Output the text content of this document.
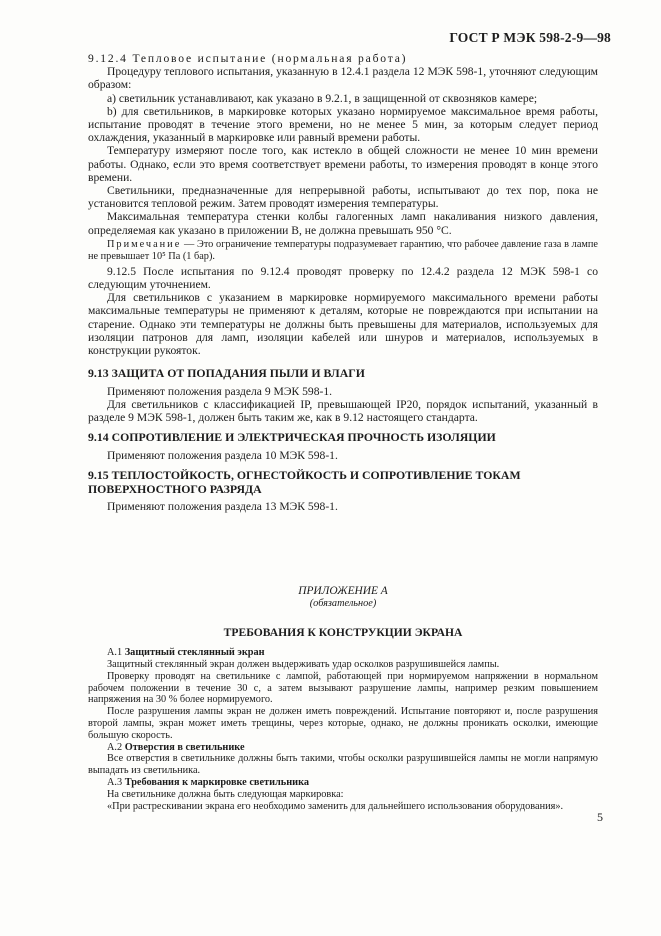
ГОСТ Р МЭК 598-2-9—98

9.12.4 Тепловое испытание (нормальная работа)

Процедуру теплового испытания, указанную в 12.4.1 раздела 12 МЭК 598-1, уточняют следующим образом:

а) светильник устанавливают, как указано в 9.2.1, в защищенной от сквозняков камере;

b) для светильников, в маркировке которых указано нормируемое максимальное время работы, испытание проводят в течение этого времени, но не менее 5 мин, за которым следует период охлаждения, указанный в маркировке или равный времени работы.

Температуру измеряют после того, как истекло в общей сложности не менее 10 мин времени работы. Однако, если это время соответствует времени работы, то измерения проводят в конце этого времени.

Светильники, предназначенные для непрерывной работы, испытывают до тех пор, пока не установится тепловой режим. Затем проводят измерения температуры.

Максимальная температура стенки колбы галогенных ламп накаливания низкого давления, определяемая как указано в приложении В, не должна превышать 950 °С.

Примечание — Это ограничение температуры подразумевает гарантию, что рабочее давление газа в лампе не превышает 10⁵ Па (1 бар).

9.12.5 После испытания по 9.12.4 проводят проверку по 12.4.2 раздела 12 МЭК 598-1 со следующим уточнением.

Для светильников с указанием в маркировке нормируемого максимального времени работы максимальные температуры не применяют к деталям, которые не повреждаются при испытании на старение. Однако эти температуры не должны быть превышены для материалов, используемых для изоляции патронов для ламп, изоляции кабелей или шнуров и материалов, используемых в конструкции рукояток.

9.13 ЗАЩИТА ОТ ПОПАДАНИЯ ПЫЛИ И ВЛАГИ

Применяют положения раздела 9 МЭК 598-1.

Для светильников с классификацией IP, превышающей IP20, порядок испытаний, указанный в разделе 9 МЭК 598-1, должен быть таким же, как в 9.12 настоящего стандарта.

9.14 СОПРОТИВЛЕНИЕ И ЭЛЕКТРИЧЕСКАЯ ПРОЧНОСТЬ ИЗОЛЯЦИИ

Применяют положения раздела 10 МЭК 598-1.

9.15 ТЕПЛОСТОЙКОСТЬ, ОГНЕСТОЙКОСТЬ И СОПРОТИВЛЕНИЕ ТОКАМ
ПОВЕРХНОСТНОГО РАЗРЯДА

Применяют положения раздела 13 МЭК 598-1.

ПРИЛОЖЕНИЕ А

(обязательное)

ТРЕБОВАНИЯ К КОНСТРУКЦИИ ЭКРАНА

А.1 Защитный стеклянный экран

Защитный стеклянный экран должен выдерживать удар осколков разрушившейся лампы.

Проверку проводят на светильнике с лампой, работающей при нормируемом напряжении в нормальном рабочем положении в течение 30 с, а затем вызывают разрушение лампы, например резким повышением напряжения на 30 % более нормируемого.

После разрушения лампы экран не должен иметь повреждений. Испытание повторяют и, после разрушения второй лампы, экран может иметь трещины, через которые, однако, не должны проникать осколки, имеющие большую скорость.

А.2 Отверстия в светильнике

Все отверстия в светильнике должны быть такими, чтобы осколки разрушившейся лампы не могли напрямую выпадать из светильника.

А.3 Требования к маркировке светильника

На светильнике должна быть следующая маркировка:

«При растрескивании экрана его необходимо заменить для дальнейшего использования оборудования».

5
